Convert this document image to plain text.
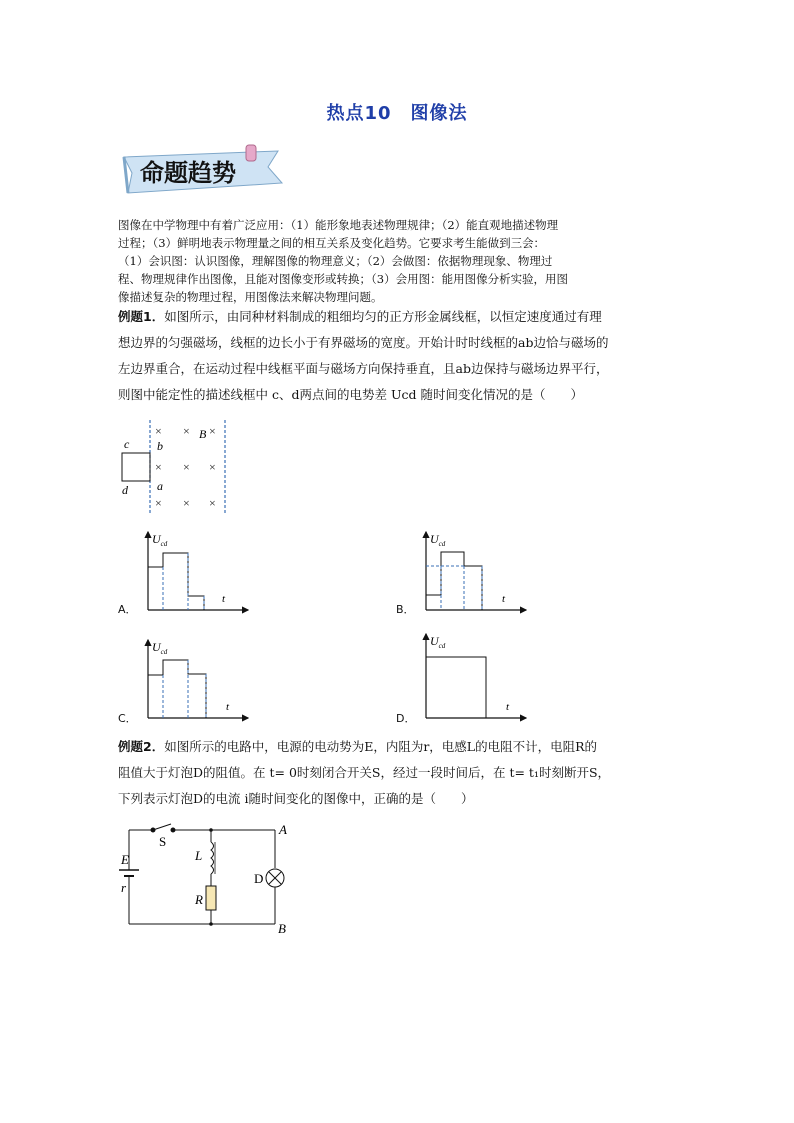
热点10　图像法
命题趋势
图像在中学物理中有着广泛应用：（1）能形象地表述物理规律；（2）能直观地描述物理
过程；（3）鲜明地表示物理量之间的相互关系及变化趋势。它要求考生能做到三会：
（1）会识图：认识图像，理解图像的物理意义；（2）会做图：依据物理现象、物理过
程、物理规律作出图像，且能对图像变形或转换；（3）会用图：能用图像分析实验，用图
像描述复杂的物理过程，用图像法来解决物理问题。
例题1．如图所示，由同种材料制成的粗细均匀的正方形金属线框，以恒定速度通过有理
想边界的匀强磁场，线框的边长小于有界磁场的宽度。开始计时时线框的ab边恰与磁场的
左边界重合，在运动过程中线框平面与磁场方向保持垂直，且ab边保持与磁场边界平行，
则图中能定性的描述线框中 c、d两点间的电势差 Ucd 随时间变化情况的是（　　）
c b
a
d
B
× × ×
× × ×
× × ×
A．
$U_{cd}$
t
B．
$U_{cd}$
t
C．
$U_{cd}$
t
D．
$U_{cd}$
t
例题2．如图所示的电路中，电源的电动势为E，内阻为r，电感L的电阻不计，电阻R的
阻值大于灯泡D的阻值。在 t= 0时刻闭合开关S，经过一段时间后，在 t= t₁时刻断开S，
下列表示灯泡D的电流 i随时间变化的图像中，正确的是（　　）
S
A
E
r
L
R
D
B
